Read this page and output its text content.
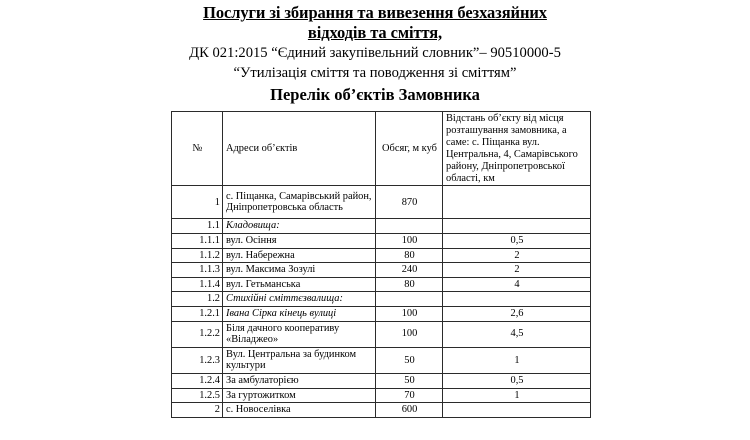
Послуги зі збирання та вивезення безхазяйних
відходів та сміття,
ДК 021:2015 “Єдиний закупівельний словник”– 90510000-5
“Утилізація сміття та поводження зі сміттям”
Перелік об’єктів Замовника
№	Адреси об’єктів	Обсяг, м куб	Відстань об’єкту від місця розташування замовника, а саме: с. Піщанка вул. Центральна, 4, Самарівського району, Дніпропетровської області, км
1	с. Піщанка, Самарівський район, Дніпропетровська область	870	
1.1	Кладовища:		
1.1.1	вул. Осіння	100	0,5
1.1.2	вул. Набережна	80	2
1.1.3	вул. Максима Зозулі	240	2
1.1.4	вул. Гетьманська	80	4
1.2	Стихійні сміттєзвалища:		
1.2.1	Івана Сірка кінець вулиці	100	2,6
1.2.2	Біля дачного кооперативу «Віладжео»	100	4,5
1.2.3	Вул. Центральна за будинком культури	50	1
1.2.4	За амбулаторією	50	0,5
1.2.5	За гуртожитком	70	1
2	с. Новоселівка	600	
